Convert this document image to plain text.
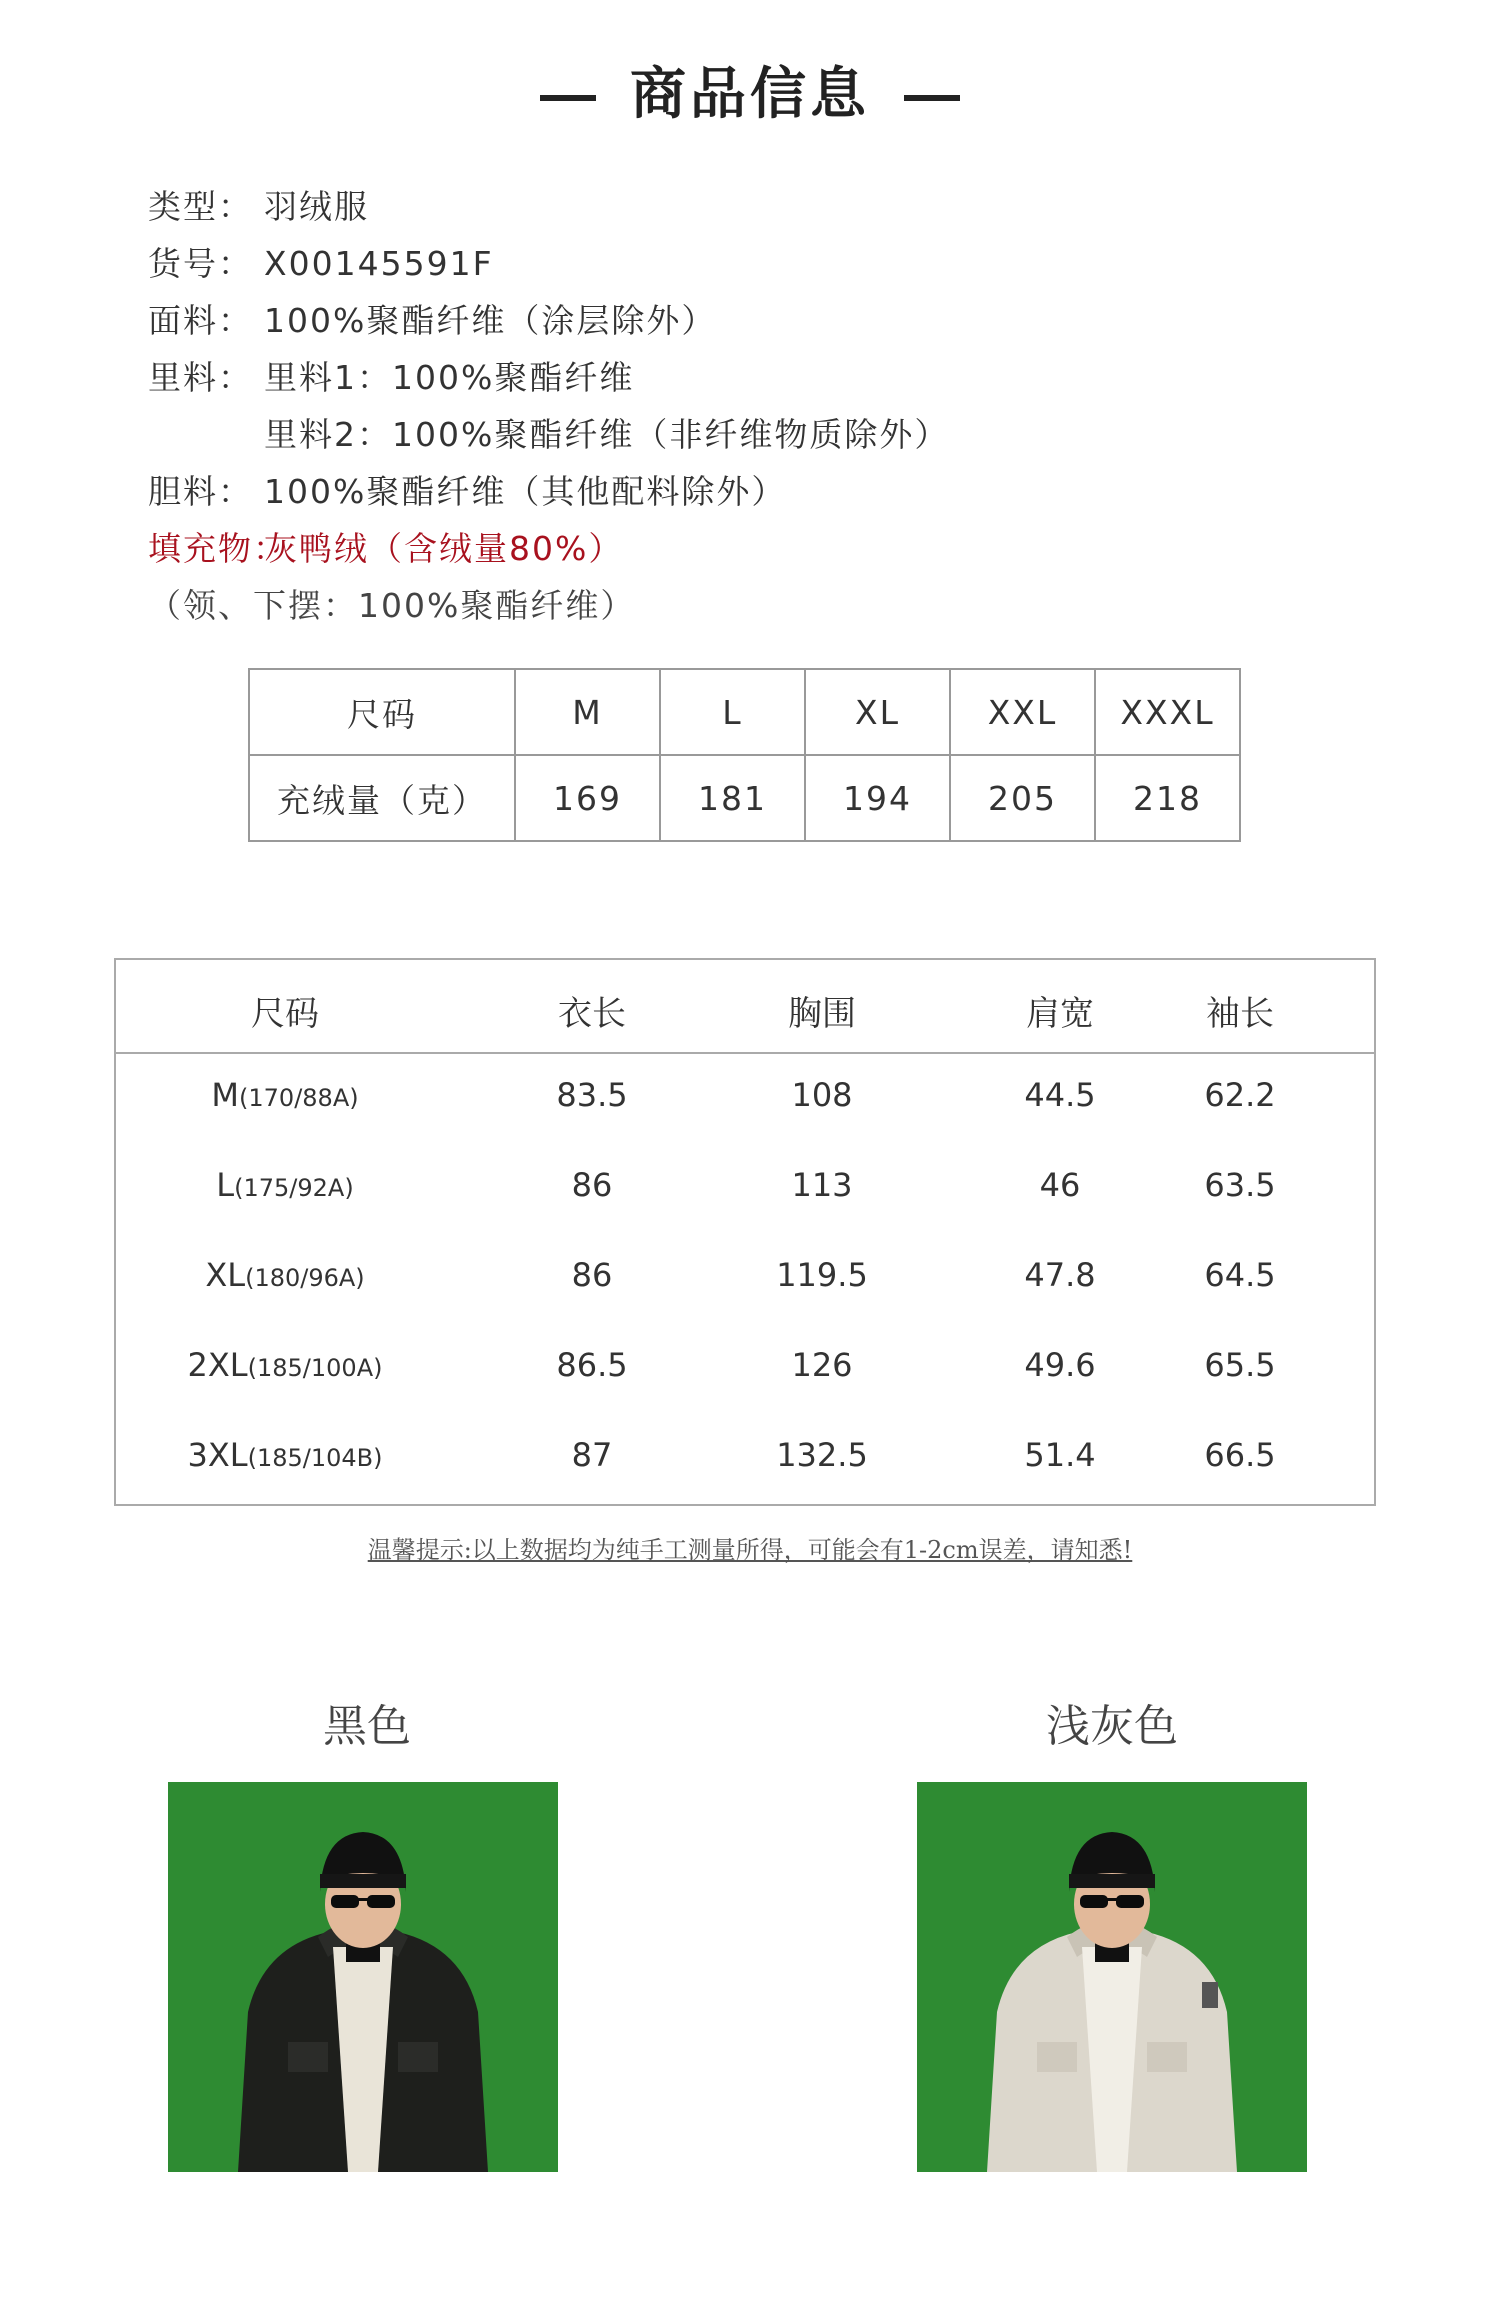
商品信息
类型： 羽绒服
货号： X00145591F
面料： 100%聚酯纤维（涂层除外）
里料： 里料1：100%聚酯纤维
里料2：100%聚酯纤维（非纤维物质除外）
胆料： 100%聚酯纤维（其他配料除外）
填充物：灰鸭绒（含绒量80%）
（领、下摆：100%聚酯纤维）
尺码	M	L	XL	XXL	XXXL
充绒量（克）	169	181	194	205	218
尺码	衣长	胸围	肩宽	袖长
M(170/88A)	83.5	108	44.5	62.2
L(175/92A)	86	113	46	63.5
XL(180/96A)	86	119.5	47.8	64.5
2XL(185/100A)	86.5	126	49.6	65.5
3XL(185/104B)	87	132.5	51.4	66.5
温馨提示:以上数据均为纯手工测量所得，可能会有1-2cm误差，请知悉!
黑色	浅灰色
